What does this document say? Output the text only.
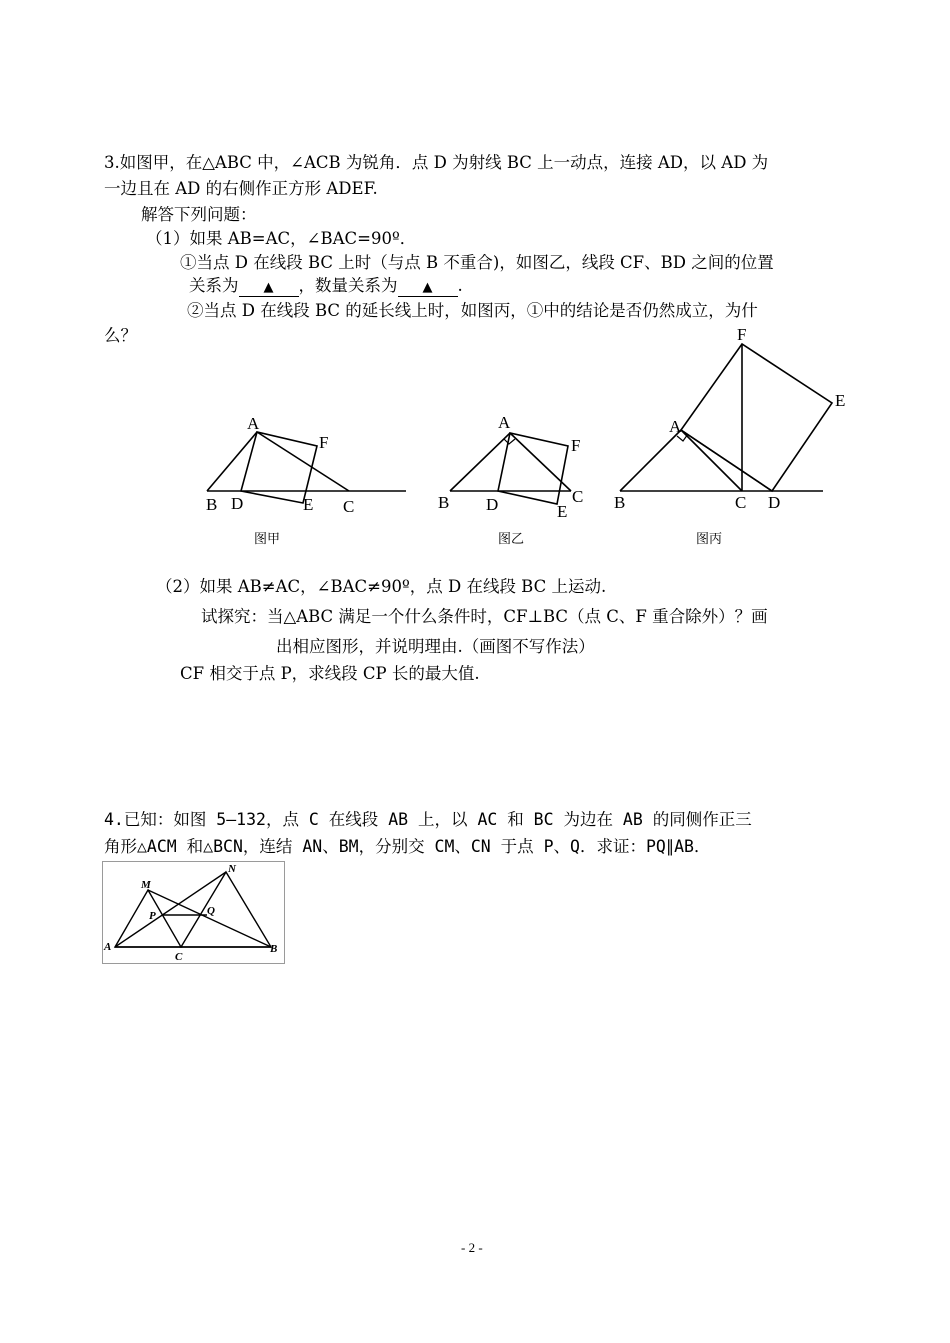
3.如图甲，在△ABC 中，∠ACB 为锐角．点 D 为射线 BC 上一动点，连接 AD，以 AD 为
一边且在 AD 的右侧作正方形 ADEF.
解答下列问题：
（1）如果 AB=AC，∠BAC=90º．
①当点 D 在线段 BC 上时（与点 B 不重合)，如图乙，线段 CF、BD 之间的位置
关系为 ▲ ，数量关系为 ▲ .
②当点 D 在线段 BC 的延长线上时，如图丙，①中的结论是否仍然成立，为什
么？
A
F
B D	E C
A
F
B D	C
E
F
E
A
B	C D
图甲	图乙	图丙
（2）如果 AB≠AC，∠BAC≠90º，点 D 在线段 BC 上运动.
试探究：当△ABC 满足一个什么条件时，CF⊥BC（点 C、F 重合除外）？画
出相应图形，并说明理由.（画图不写作法）
CF 相交于点 P，求线段 CP 长的最大值.
4.已知：如图 5—132，点 C 在线段 AB 上，以 AC 和 BC 为边在 AB 的同侧作正三
角形△ACM 和△BCN，连结 AN、BM，分别交 CM、CN 于点 P、Q．求证：PQ∥AB．
M
N
P	Q
A
C
B
- 2 -
